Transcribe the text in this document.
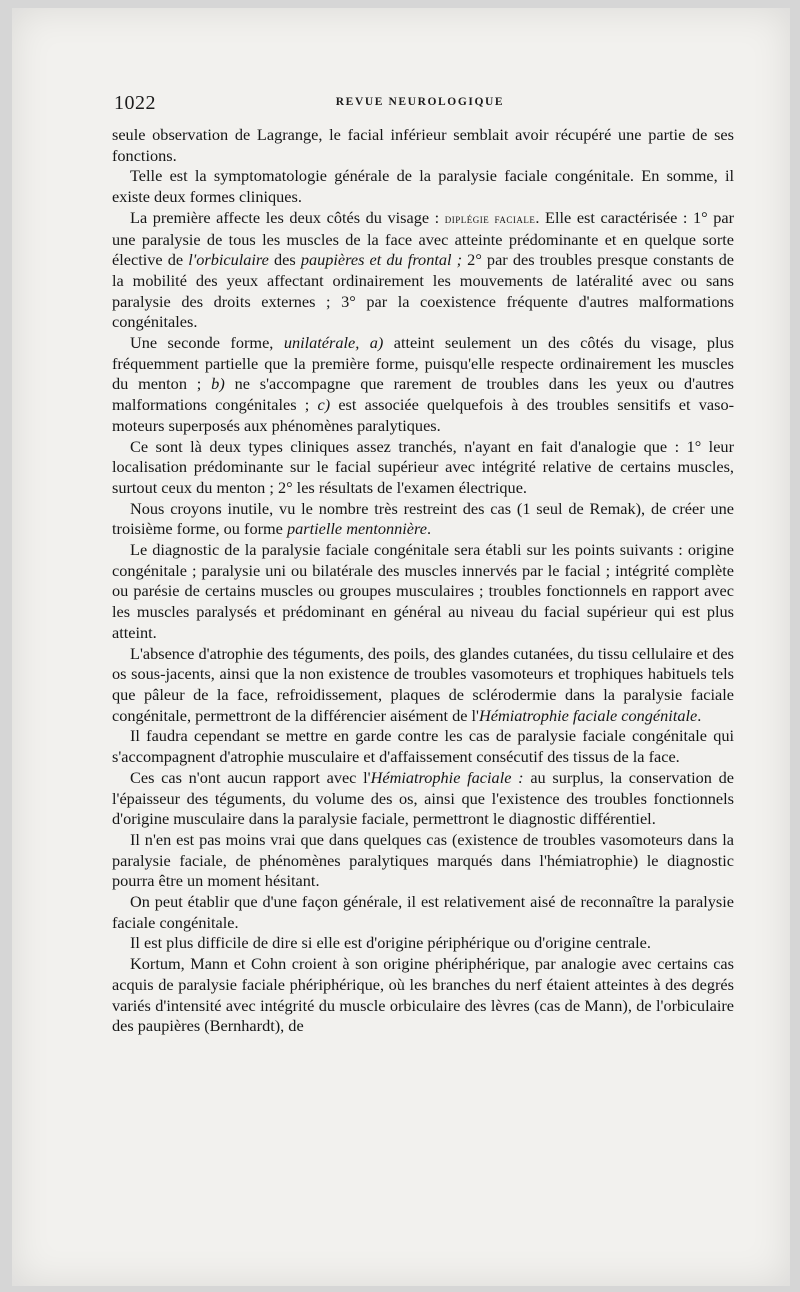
1022	REVUE NEUROLOGIQUE

seule observation de Lagrange, le facial inférieur semblait avoir récupéré une partie de ses fonctions.

Telle est la symptomatologie générale de la paralysie faciale congénitale. En somme, il existe deux formes cliniques.

La première affecte les deux côtés du visage : diplégie faciale. Elle est caractérisée : 1° par une paralysie de tous les muscles de la face avec atteinte prédominante et en quelque sorte élective de l'orbiculaire des paupières et du frontal ; 2° par des troubles presque constants de la mobilité des yeux affectant ordinairement les mouvements de latéralité avec ou sans paralysie des droits externes ; 3° par la coexistence fréquente d'autres malformations congénitales.

Une seconde forme, unilatérale, a) atteint seulement un des côtés du visage, plus fréquemment partielle que la première forme, puisqu'elle respecte ordinairement les muscles du menton ; b) ne s'accompagne que rarement de troubles dans les yeux ou d'autres malformations congénitales ; c) est associée quelquefois à des troubles sensitifs et vaso-moteurs superposés aux phénomènes paralytiques.

Ce sont là deux types cliniques assez tranchés, n'ayant en fait d'analogie que : 1° leur localisation prédominante sur le facial supérieur avec intégrité relative de certains muscles, surtout ceux du menton ; 2° les résultats de l'examen électrique.

Nous croyons inutile, vu le nombre très restreint des cas (1 seul de Remak), de créer une troisième forme, ou forme partielle mentonnière.

Le diagnostic de la paralysie faciale congénitale sera établi sur les points suivants : origine congénitale ; paralysie uni ou bilatérale des muscles innervés par le facial ; intégrité complète ou parésie de certains muscles ou groupes musculaires ; troubles fonctionnels en rapport avec les muscles paralysés et prédominant en général au niveau du facial supérieur qui est plus atteint.

L'absence d'atrophie des téguments, des poils, des glandes cutanées, du tissu cellulaire et des os sous-jacents, ainsi que la non existence de troubles vasomoteurs et trophiques habituels tels que pâleur de la face, refroidissement, plaques de sclérodermie dans la paralysie faciale congénitale, permettront de la différencier aisément de l'Hémiatrophie faciale congénitale.

Il faudra cependant se mettre en garde contre les cas de paralysie faciale congénitale qui s'accompagnent d'atrophie musculaire et d'affaissement consécutif des tissus de la face.

Ces cas n'ont aucun rapport avec l'Hémiatrophie faciale : au surplus, la conservation de l'épaisseur des téguments, du volume des os, ainsi que l'existence des troubles fonctionnels d'origine musculaire dans la paralysie faciale, permettront le diagnostic différentiel.

Il n'en est pas moins vrai que dans quelques cas (existence de troubles vasomoteurs dans la paralysie faciale, de phénomènes paralytiques marqués dans l'hémiatrophie) le diagnostic pourra être un moment hésitant.

On peut établir que d'une façon générale, il est relativement aisé de reconnaître la paralysie faciale congénitale.

Il est plus difficile de dire si elle est d'origine périphérique ou d'origine centrale.

Kortum, Mann et Cohn croient à son origine phériphérique, par analogie avec certains cas acquis de paralysie faciale phériphérique, où les branches du nerf étaient atteintes à des degrés variés d'intensité avec intégrité du muscle orbiculaire des lèvres (cas de Mann), de l'orbiculaire des paupières (Bernhardt), de
